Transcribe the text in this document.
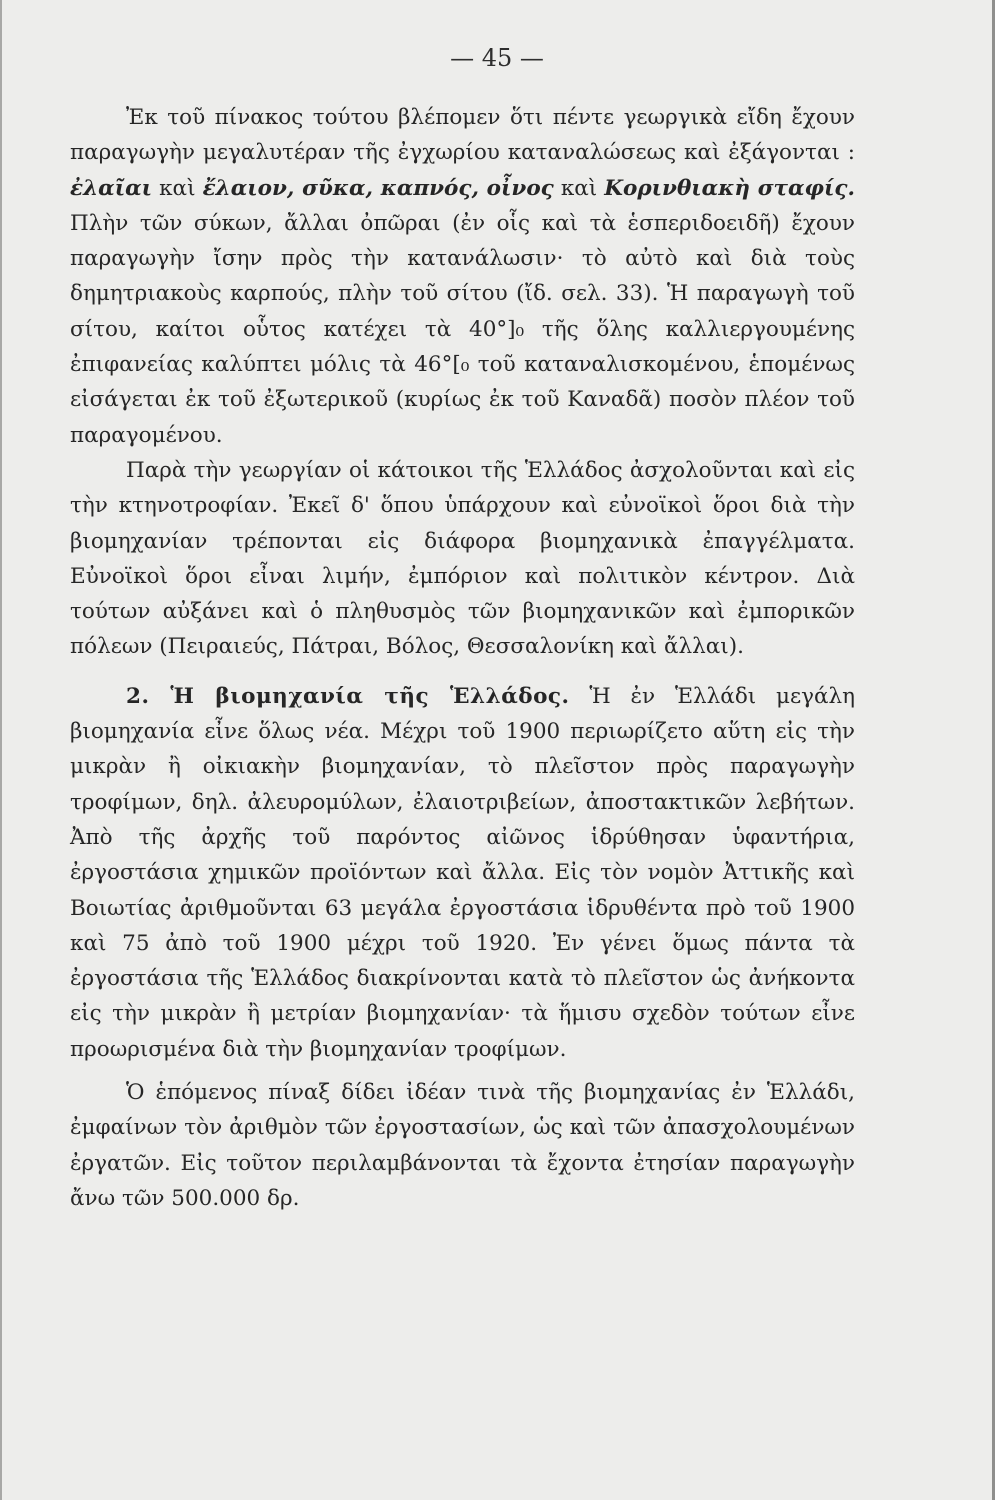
— 45 —

Ἐκ τοῦ πίνακος τούτου βλέπομεν ὅτι πέντε γεωργικὰ εἴδη ἔχουν παραγωγὴν μεγαλυτέραν τῆς ἐγχωρίου καταναλώσεως καὶ ἐξάγονται : ἐλαῖαι καὶ ἔλαιον, σῦκα, καπνός, οἶνος καὶ Κορινθιακὴ σταφίς. Πλὴν τῶν σύκων, ἄλλαι ὀπῶραι (ἐν οἷς καὶ τὰ ἑσπεριδοειδῆ) ἔχουν παραγωγὴν ἴσην πρὸς τὴν κατανάλωσιν· τὸ αὐτὸ καὶ διὰ τοὺς δημητριακοὺς καρπούς, πλὴν τοῦ σίτου (ἴδ. σελ. 33). Ἡ παραγωγὴ τοῦ σίτου, καίτοι οὗτος κατέχει τὰ 40°]₀ τῆς ὅλης καλλιεργουμένης ἐπιφανείας καλύπτει μόλις τὰ 46°[₀ τοῦ καταναλισκομένου, ἑπομένως εἰσάγεται ἐκ τοῦ ἐξωτερικοῦ (κυρίως ἐκ τοῦ Καναδᾶ) ποσὸν πλέον τοῦ παραγομένου.

Παρὰ τὴν γεωργίαν οἱ κάτοικοι τῆς Ἑλλάδος ἀσχολοῦνται καὶ εἰς τὴν κτηνοτροφίαν. Ἐκεῖ δ' ὅπου ὑπάρχουν καὶ εὐνοϊκοὶ ὅροι διὰ τὴν βιομηχανίαν τρέπονται εἰς διάφορα βιομηχανικὰ ἐπαγγέλματα. Εὐνοϊκοὶ ὅροι εἶναι λιμήν, ἐμπόριον καὶ πολιτικὸν κέντρον. Διὰ τούτων αὐξάνει καὶ ὁ πληθυσμὸς τῶν βιομηχανικῶν καὶ ἐμπορικῶν πόλεων (Πειραιεύς, Πάτραι, Βόλος, Θεσσαλονίκη καὶ ἄλλαι).

2. Ἡ βιομηχανία τῆς Ἑλλάδος. Ἡ ἐν Ἑλλάδι μεγάλη βιομηχανία εἶνε ὅλως νέα. Μέχρι τοῦ 1900 περιωρίζετο αὕτη εἰς τὴν μικρὰν ἢ οἰκιακὴν βιομηχανίαν, τὸ πλεῖστον πρὸς παραγωγὴν τροφίμων, δηλ. ἀλευρομύλων, ἐλαιοτριβείων, ἀποστακτικῶν λεβήτων. Ἀπὸ τῆς ἀρχῆς τοῦ παρόντος αἰῶνος ἱδρύθησαν ὑφαντήρια, ἐργοστάσια χημικῶν προϊόντων καὶ ἄλλα. Εἰς τὸν νομὸν Ἀττικῆς καὶ Βοιωτίας ἀριθμοῦνται 63 μεγάλα ἐργοστάσια ἱδρυθέντα πρὸ τοῦ 1900 καὶ 75 ἀπὸ τοῦ 1900 μέχρι τοῦ 1920. Ἐν γένει ὅμως πάντα τὰ ἐργοστάσια τῆς Ἑλλάδος διακρίνονται κατὰ τὸ πλεῖστον ὡς ἀνήκοντα εἰς τὴν μικρὰν ἢ μετρίαν βιομηχανίαν· τὰ ἥμισυ σχεδὸν τούτων εἶνε προωρισμένα διὰ τὴν βιομηχανίαν τροφίμων.

Ὁ ἑπόμενος πίναξ δίδει ἰδέαν τινὰ τῆς βιομηχανίας ἐν Ἑλλάδι, ἐμφαίνων τὸν ἀριθμὸν τῶν ἐργοστασίων, ὡς καὶ τῶν ἀπασχολουμένων ἐργατῶν. Εἰς τοῦτον περιλαμβάνονται τὰ ἔχοντα ἐτησίαν παραγωγὴν ἄνω τῶν 500.000 δρ.
